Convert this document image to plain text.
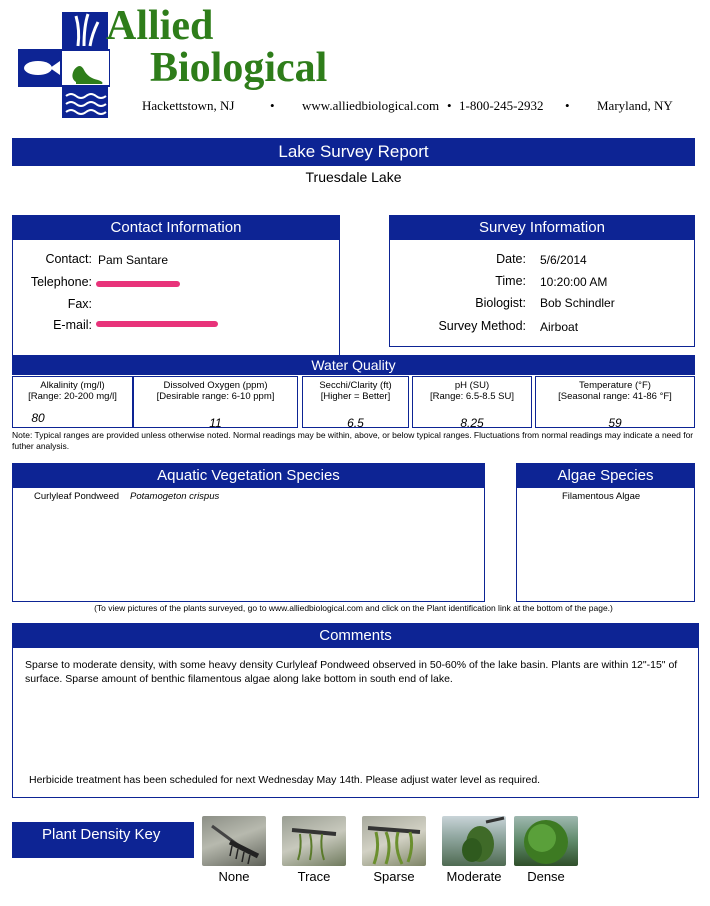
Allied
Biological
Hackettstown, NJ	• www.alliedbiological.com • 1-800-245-2932 • Maryland, NY
Lake Survey Report
Truesdale Lake
Contact Information
Contact: Pam Santare
Telephone:
Fax:
E-mail:
Survey Information
Date: 5/6/2014
Time: 10:20:00 AM
Biologist: Bob Schindler
Survey Method: Airboat
Water Quality
Alkalinity (mg/l)
[Range: 20-200 mg/l]
80
Dissolved Oxygen (ppm)
[Desirable range: 6-10 ppm]
11
Secchi/Clarity (ft)
[Higher = Better]
6.5
pH (SU)
[Range: 6.5-8.5 SU]
8.25
Temperature (°F)
[Seasonal range: 41-86 °F]
59
Note: Typical ranges are provided unless otherwise noted. Normal readings may be within, above, or below typical ranges. Fluctuations from normal readings may indicate a need for futher analysis.
Aquatic Vegetation Species
Curlyleaf Pondweed Potamogeton crispus
Algae Species
Filamentous Algae
(To view pictures of the plants surveyed, go to www.alliedbiological.com and click on the Plant identification link at the bottom of the page.)
Comments
Sparse to moderate density, with some heavy density Curlyleaf Pondweed observed in 50-60% of the lake basin. Plants are within 12"-15" of surface. Sparse amount of benthic filamentous algae along lake bottom in south end of lake.
Herbicide treatment has been scheduled for next Wednesday May 14th. Please adjust water level as required.
Plant Density Key
None	Trace	Sparse	Moderate	Dense
